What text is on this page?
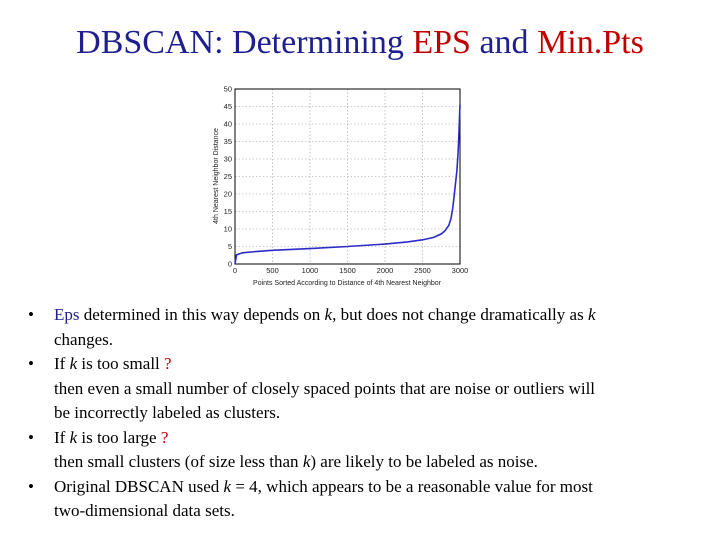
DBSCAN: Determining EPS and Min.Pts
0
5
10
15
20
25
30
35
40
45
50
0	500	1000	1500	2000	2500	3000
4th Nearest Neighbor Distance
Points Sorted According to Distance of 4th Nearest Neighbor
• Eps determined in this way depends on k, but does not change dramatically as k
changes.
• If k is too small ?
then even a small number of closely spaced points that are noise or outliers will
be incorrectly labeled as clusters.
• If k is too large ?
then small clusters (of size less than k) are likely to be labeled as noise.
• Original DBSCAN used k = 4, which appears to be a reasonable value for most
two-dimensional data sets.
